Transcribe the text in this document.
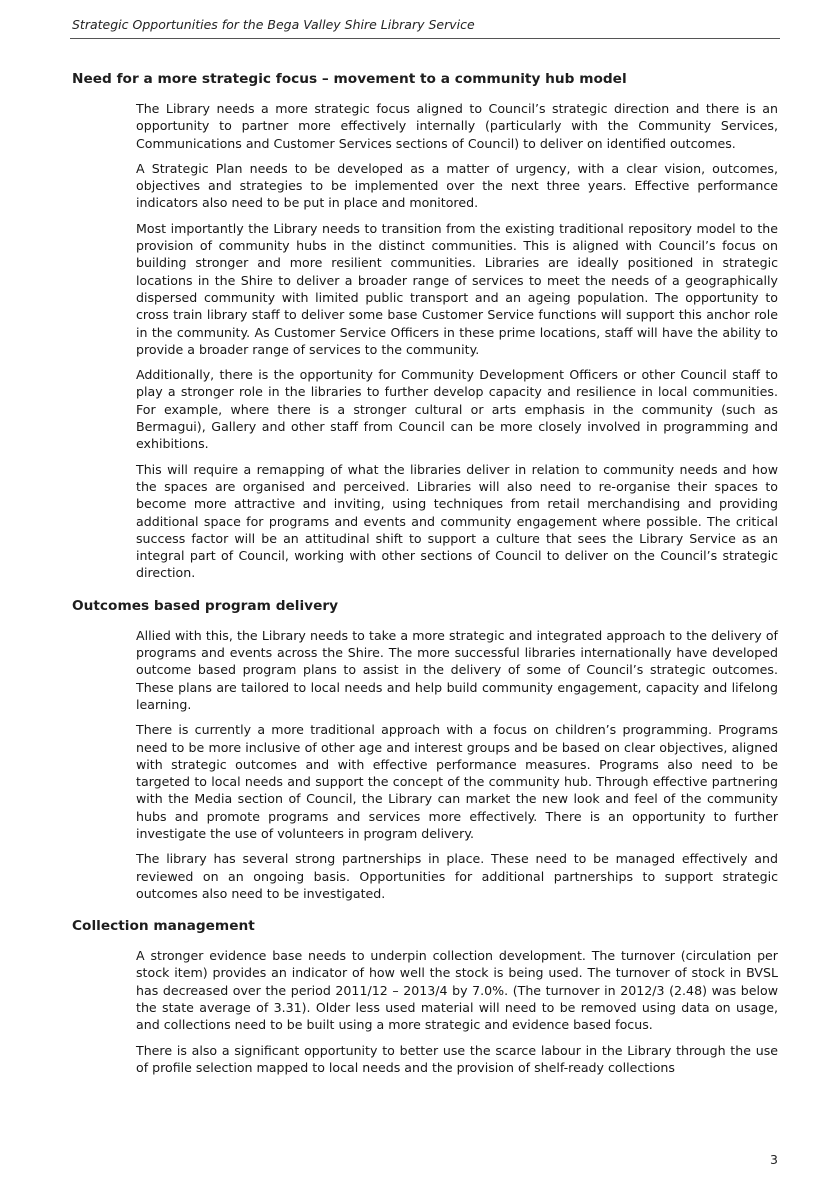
Strategic Opportunities for the Bega Valley Shire Library Service
Need for a more strategic focus – movement to a community hub model

The Library needs a more strategic focus aligned to Council’s strategic direction and there is an opportunity to partner more effectively internally (particularly with the Community Services, Communications and Customer Services sections of Council) to deliver on identified outcomes.

A Strategic Plan needs to be developed as a matter of urgency, with a clear vision, outcomes, objectives and strategies to be implemented over the next three years. Effective performance indicators also need to be put in place and monitored.

Most importantly the Library needs to transition from the existing traditional repository model to the provision of community hubs in the distinct communities. This is aligned with Council’s focus on building stronger and more resilient communities. Libraries are ideally positioned in strategic locations in the Shire to deliver a broader range of services to meet the needs of a geographically dispersed community with limited public transport and an ageing population. The opportunity to cross train library staff to deliver some base Customer Service functions will support this anchor role in the community. As Customer Service Officers in these prime locations, staff will have the ability to provide a broader range of services to the community.

Additionally, there is the opportunity for Community Development Officers or other Council staff to play a stronger role in the libraries to further develop capacity and resilience in local communities. For example, where there is a stronger cultural or arts emphasis in the community (such as Bermagui), Gallery and other staff from Council can be more closely involved in programming and exhibitions.

This will require a remapping of what the libraries deliver in relation to community needs and how the spaces are organised and perceived. Libraries will also need to re-organise their spaces to become more attractive and inviting, using techniques from retail merchandising and providing additional space for programs and events and community engagement where possible. The critical success factor will be an attitudinal shift to support a culture that sees the Library Service as an integral part of Council, working with other sections of Council to deliver on the Council’s strategic direction.

Outcomes based program delivery

Allied with this, the Library needs to take a more strategic and integrated approach to the delivery of programs and events across the Shire. The more successful libraries internationally have developed outcome based program plans to assist in the delivery of some of Council’s strategic outcomes. These plans are tailored to local needs and help build community engagement, capacity and lifelong learning.

There is currently a more traditional approach with a focus on children’s programming. Programs need to be more inclusive of other age and interest groups and be based on clear objectives, aligned with strategic outcomes and with effective performance measures. Programs also need to be targeted to local needs and support the concept of the community hub. Through effective partnering with the Media section of Council, the Library can market the new look and feel of the community hubs and promote programs and services more effectively. There is an opportunity to further investigate the use of volunteers in program delivery.

The library has several strong partnerships in place. These need to be managed effectively and reviewed on an ongoing basis. Opportunities for additional partnerships to support strategic outcomes also need to be investigated.

Collection management

A stronger evidence base needs to underpin collection development. The turnover (circulation per stock item) provides an indicator of how well the stock is being used. The turnover of stock in BVSL has decreased over the period 2011/12 – 2013/4 by 7.0%. (The turnover in 2012/3 (2.48) was below the state average of 3.31). Older less used material will need to be removed using data on usage, and collections need to be built using a more strategic and evidence based focus.

There is also a significant opportunity to better use the scarce labour in the Library through the use of profile selection mapped to local needs and the provision of shelf-ready collections

3
